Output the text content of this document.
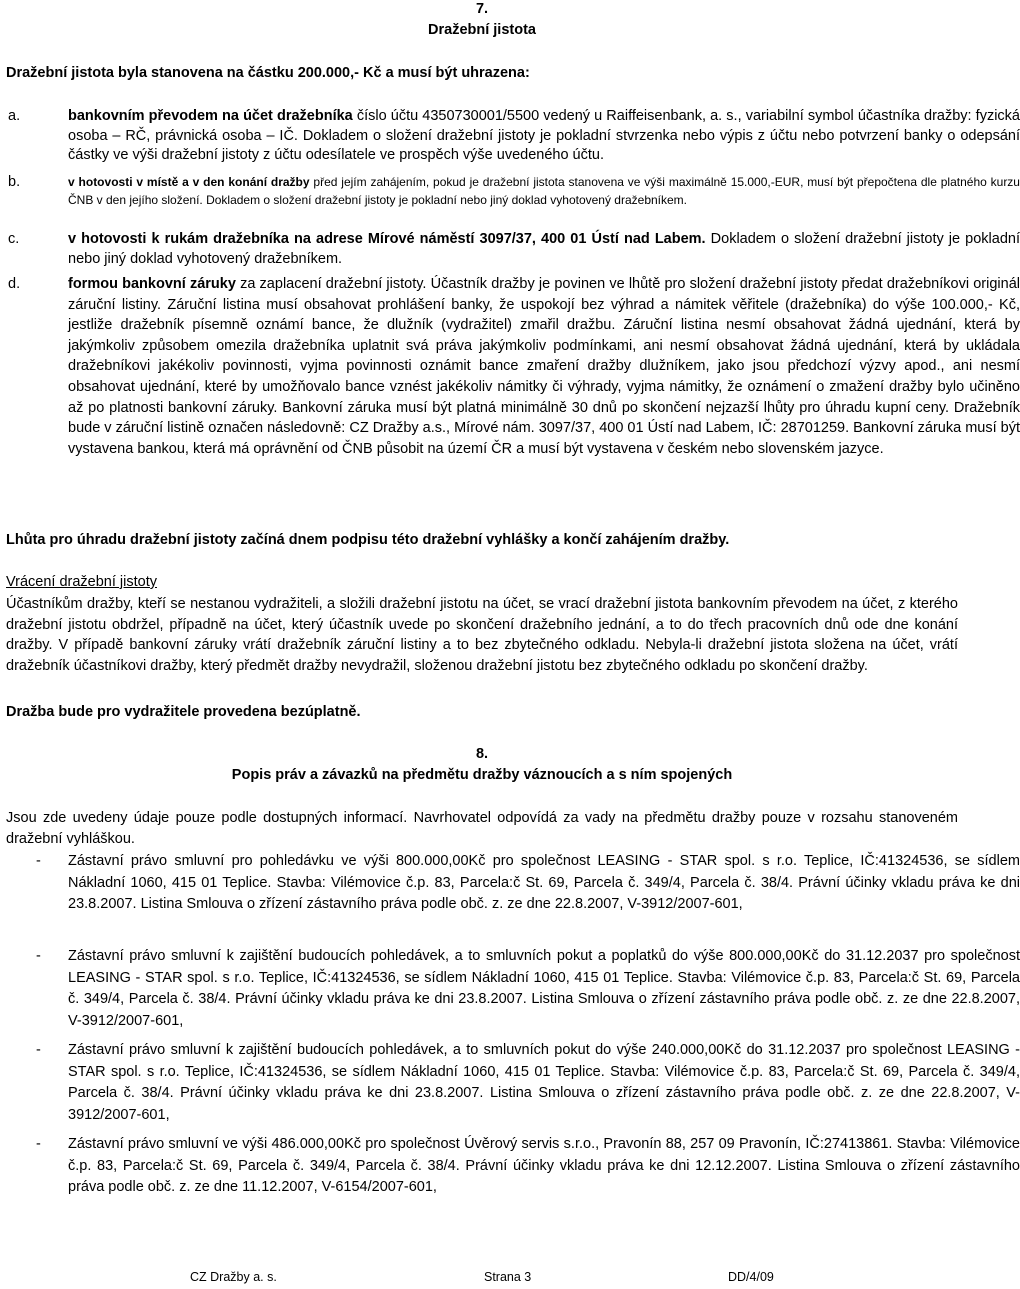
7.
Dražební jistota
Dražební jistota byla stanovena na částku 200.000,- Kč a musí být uhrazena:
a.	bankovním převodem na účet dražebníka číslo účtu 4350730001/5500 vedený u Raiffeisenbank, a. s., variabilní symbol účastníka dražby: fyzická osoba – RČ, právnická osoba – IČ. Dokladem o složení dražební jistoty je pokladní stvrzenka nebo výpis z účtu nebo potvrzení banky o odepsání částky ve výši dražební jistoty z účtu odesílatele ve prospěch výše uvedeného účtu.
b.	v hotovosti v místě a v den konání dražby před jejím zahájením, pokud je dražební jistota stanovena ve výši maximálně 15.000,-EUR, musí být přepočtena dle platného kurzu ČNB v den jejího složení. Dokladem o složení dražební jistoty je pokladní nebo jiný doklad vyhotovený dražebníkem.
c.	v hotovosti k rukám dražebníka na adrese Mírové náměstí 3097/37, 400 01 Ústí nad Labem. Dokladem o složení dražební jistoty je pokladní nebo jiný doklad vyhotovený dražebníkem.
d.	formou bankovní záruky za zaplacení dražební jistoty. Účastník dražby je povinen ve lhůtě pro složení dražební jistoty předat dražebníkovi originál záruční listiny. Záruční listina musí obsahovat prohlášení banky, že uspokojí bez výhrad a námitek věřitele (dražebníka) do výše 100.000,- Kč, jestliže dražebník písemně oznámí bance, že dlužník (vydražitel) zmařil dražbu. Záruční listina nesmí obsahovat žádná ujednání, která by jakýmkoliv způsobem omezila dražebníka uplatnit svá práva jakýmkoliv podmínkami, ani nesmí obsahovat žádná ujednání, která by ukládala dražebníkovi jakékoliv povinnosti, vyjma povinnosti oznámit bance zmaření dražby dlužníkem, jako jsou předchozí výzvy apod., ani nesmí obsahovat ujednání, které by umožňovalo bance vznést jakékoliv námitky či výhrady, vyjma námitky, že oznámení o zmažení dražby bylo učiněno až po platnosti bankovní záruky. Bankovní záruka musí být platná minimálně 30 dnů po skončení nejzazší lhůty pro úhradu kupní ceny. Dražebník bude v záruční listině označen následovně: CZ Dražby a.s., Mírové nám. 3097/37, 400 01 Ústí nad Labem, IČ: 28701259. Bankovní záruka musí být vystavena bankou, která má oprávnění od ČNB působit na území ČR a musí být vystavena v českém nebo slovenském jazyce.
Lhůta pro úhradu dražební jistoty začíná dnem podpisu této dražební vyhlášky a končí zahájením dražby.
Vrácení dražební jistoty
Účastníkům dražby, kteří se nestanou vydražiteli, a složili dražební jistotu na účet, se vrací dražební jistota bankovním převodem na účet, z kterého dražební jistotu obdržel, případně na účet, který účastník uvede po skončení dražebního jednání, a to do třech pracovních dnů ode dne konání dražby. V případě bankovní záruky vrátí dražebník záruční listiny a to bez zbytečného odkladu. Nebyla-li dražební jistota složena na účet, vrátí dražebník účastníkovi dražby, který předmět dražby nevydražil, složenou dražební jistotu bez zbytečného odkladu po skončení dražby.
Dražba bude pro vydražitele provedena bezúplatně.
8.
Popis práv a závazků na předmětu dražby váznoucích a s ním spojených
Jsou zde uvedeny údaje pouze podle dostupných informací. Navrhovatel odpovídá za vady na předmětu dražby pouze v rozsahu stanoveném dražební vyhláškou.
- Zástavní právo smluvní pro pohledávku ve výši 800.000,00Kč pro společnost LEASING - STAR spol. s r.o. Teplice, IČ:41324536, se sídlem Nákladní 1060, 415 01 Teplice. Stavba: Vilémovice č.p. 83, Parcela:č St. 69, Parcela č. 349/4, Parcela č. 38/4. Právní účinky vkladu práva ke dni 23.8.2007. Listina Smlouva o zřízení zástavního práva podle obč. z. ze dne 22.8.2007, V-3912/2007-601,
- Zástavní právo smluvní k zajištění budoucích pohledávek, a to smluvních pokut a poplatků do výše 800.000,00Kč do 31.12.2037 pro společnost LEASING - STAR spol. s r.o. Teplice, IČ:41324536, se sídlem Nákladní 1060, 415 01 Teplice. Stavba: Vilémovice č.p. 83, Parcela:č St. 69, Parcela č. 349/4, Parcela č. 38/4. Právní účinky vkladu práva ke dni 23.8.2007. Listina Smlouva o zřízení zástavního práva podle obč. z. ze dne 22.8.2007, V-3912/2007-601,
- Zástavní právo smluvní k zajištění budoucích pohledávek, a to smluvních pokut do výše 240.000,00Kč do 31.12.2037 pro společnost LEASING - STAR spol. s r.o. Teplice, IČ:41324536, se sídlem Nákladní 1060, 415 01 Teplice. Stavba: Vilémovice č.p. 83, Parcela:č St. 69, Parcela č. 349/4, Parcela č. 38/4. Právní účinky vkladu práva ke dni 23.8.2007. Listina Smlouva o zřízení zástavního práva podle obč. z. ze dne 22.8.2007, V-3912/2007-601,
- Zástavní právo smluvní ve výši 486.000,00Kč pro společnost Úvěrový servis s.r.o., Pravonín 88, 257 09 Pravonín, IČ:27413861. Stavba: Vilémovice č.p. 83, Parcela:č St. 69, Parcela č. 349/4, Parcela č. 38/4. Právní účinky vkladu práva ke dni 12.12.2007. Listina Smlouva o zřízení zástavního práva podle obč. z. ze dne 11.12.2007, V-6154/2007-601,
CZ Dražby a. s.	Strana 3	DD/4/09
